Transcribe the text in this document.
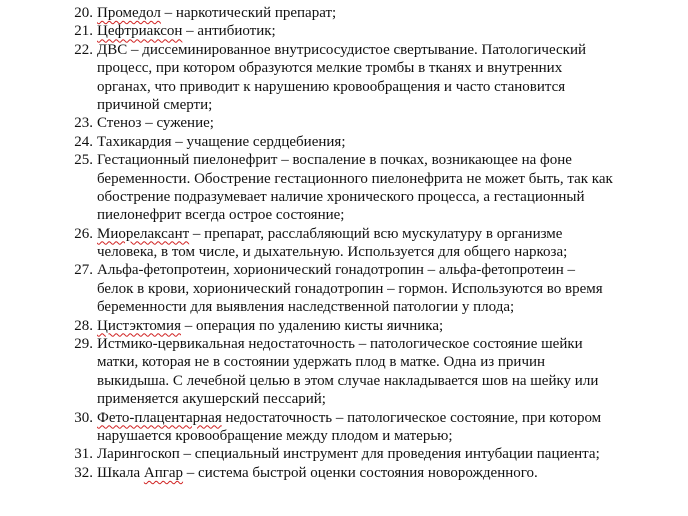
20. Промедол – наркотический препарат;
21. Цефтриаксон – антибиотик;
22. ДВС – диссеминированное внутрисосудистое свертывание. Патологический
процесс, при котором образуются мелкие тромбы в тканях и внутренних
органах, что приводит к нарушению кровообращения и часто становится
причиной смерти;
23. Стеноз – сужение;
24. Тахикардия – учащение сердцебиения;
25. Гестационный пиелонефрит – воспаление в почках, возникающее на фоне
беременности. Обострение гестационного пиелонефрита не может быть, так как
обострение подразумевает наличие хронического процесса, а гестационный
пиелонефрит всегда острое состояние;
26. Миорелаксант – препарат, расслабляющий всю мускулатуру в организме
человека, в том числе, и дыхательную. Используется для общего наркоза;
27. Альфа-фетопротеин, хорионический гонадотропин – альфа-фетопротеин –
белок в крови, хорионический гонадотропин – гормон. Используются во время
беременности для выявления наследственной патологии у плода;
28. Цистэктомия – операция по удалению кисты яичника;
29. Истмико-цервикальная недостаточность – патологическое состояние шейки
матки, которая не в состоянии удержать плод в матке. Одна из причин
выкидыша. С лечебной целью в этом случае накладывается шов на шейку или
применяется акушерский пессарий;
30. Фето-плацентарная недостаточность – патологическое состояние, при котором
нарушается кровообращение между плодом и матерью;
31. Ларингоскоп – специальный инструмент для проведения интубации пациента;
32. Шкала Апгар – система быстрой оценки состояния новорожденного.
